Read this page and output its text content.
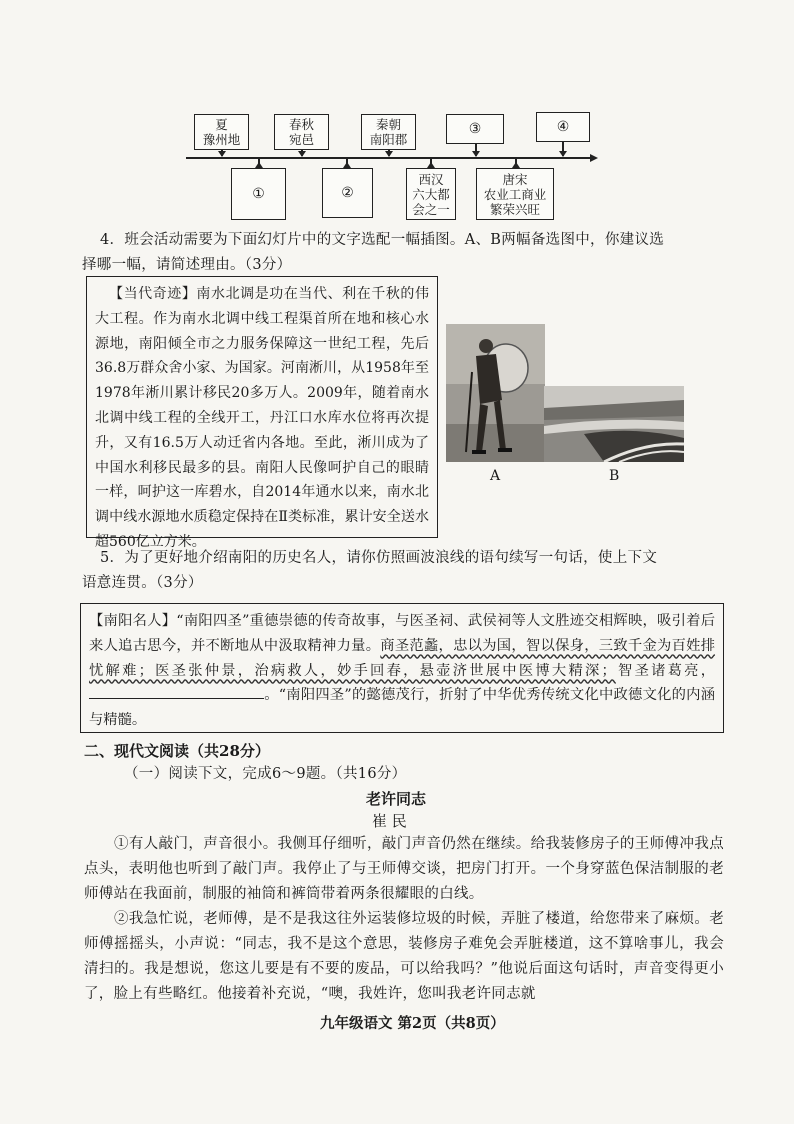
夏
豫州地
春秋
宛邑
秦朝
南阳郡
③	④
①	②
西汉
六大都
会之一
唐宋
农业工商业
繁荣兴旺
4．班会活动需要为下面幻灯片中的文字选配一幅插图。A、B两幅备选图中，你建议选
择哪一幅，请简述理由。（3分）
【当代奇迹】南水北调是功在当代、利在千秋的伟大工程。作为南水北调中线工程渠首所在地和核心水源地，南阳倾全市之力服务保障这一世纪工程，先后36.8万群众舍小家、为国家。河南淅川，从1958年至1978年淅川累计移民20多万人。2009年，随着南水北调中线工程的全线开工，丹江口水库水位将再次提升，又有16.5万人动迁省内各地。至此，淅川成为了中国水利移民最多的县。南阳人民像呵护自己的眼睛一样，呵护这一库碧水，自2014年通水以来，南水北调中线水源地水质稳定保持在Ⅱ类标准，累计安全送水超560亿立方米。
A	B
5．为了更好地介绍南阳的历史名人，请你仿照画波浪线的语句续写一句话，使上下文
语意连贯。（3分）
【南阳名人】“南阳四圣”重德崇德的传奇故事，与医圣祠、武侯祠等人文胜迹交相辉映，吸引着后来人追古思今，并不断地从中汲取精神力量。商圣范蠡，忠以为国，智以保身，三致千金为百姓排忧解难；医圣张仲景，治病救人，妙手回春，悬壶济世展中医博大精深；智圣诸葛亮，。“南阳四圣”的懿德茂行，折射了中华优秀传统文化中政德文化的内涵与精髓。
二、现代文阅读（共28分）
（一）阅读下文，完成6～9题。（共16分）
老许同志
崔 民
①有人敲门，声音很小。我侧耳仔细听，敲门声音仍然在继续。给我装修房子的王师傅冲我点点头，表明他也听到了敲门声。我停止了与王师傅交谈，把房门打开。一个身穿蓝色保洁制服的老师傅站在我面前，制服的袖筒和裤筒带着两条很耀眼的白线。
②我急忙说，老师傅，是不是我这往外运装修垃圾的时候，弄脏了楼道，给您带来了麻烦。老师傅摇摇头，小声说：“同志，我不是这个意思，装修房子难免会弄脏楼道，这不算啥事儿，我会清扫的。我是想说，您这儿要是有不要的废品，可以给我吗？”他说后面这句话时，声音变得更小了，脸上有些略红。他接着补充说，“噢，我姓许，您叫我老许同志就
九年级语文 第2页（共8页）
